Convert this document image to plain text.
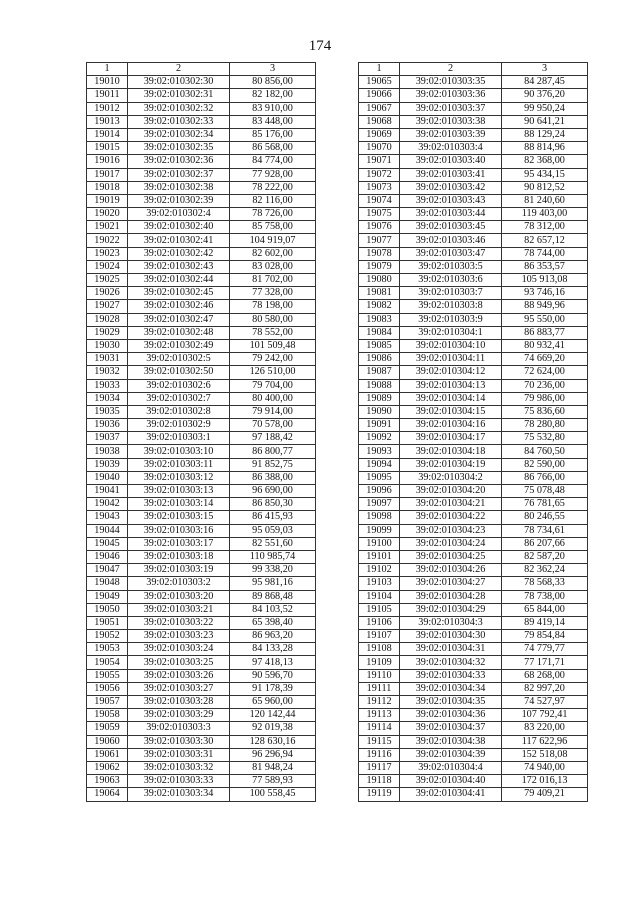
174
1	2	3
19010	39:02:010302:30	80 856,00
19011	39:02:010302:31	82 182,00
19012	39:02:010302:32	83 910,00
19013	39:02:010302:33	83 448,00
19014	39:02:010302:34	85 176,00
19015	39:02:010302:35	86 568,00
19016	39:02:010302:36	84 774,00
19017	39:02:010302:37	77 928,00
19018	39:02:010302:38	78 222,00
19019	39:02:010302:39	82 116,00
19020	39:02:010302:4	78 726,00
19021	39:02:010302:40	85 758,00
19022	39:02:010302:41	104 919,07
19023	39:02:010302:42	82 602,00
19024	39:02:010302:43	83 028,00
19025	39:02:010302:44	81 702,00
19026	39:02:010302:45	77 328,00
19027	39:02:010302:46	78 198,00
19028	39:02:010302:47	80 580,00
19029	39:02:010302:48	78 552,00
19030	39:02:010302:49	101 509,48
19031	39:02:010302:5	79 242,00
19032	39:02:010302:50	126 510,00
19033	39:02:010302:6	79 704,00
19034	39:02:010302:7	80 400,00
19035	39:02:010302:8	79 914,00
19036	39:02:010302:9	70 578,00
19037	39:02:010303:1	97 188,42
19038	39:02:010303:10	86 800,77
19039	39:02:010303:11	91 852,75
19040	39:02:010303:12	86 388,00
19041	39:02:010303:13	96 690,00
19042	39:02:010303:14	86 850,30
19043	39:02:010303:15	86 415,93
19044	39:02:010303:16	95 059,03
19045	39:02:010303:17	82 551,60
19046	39:02:010303:18	110 985,74
19047	39:02:010303:19	99 338,20
19048	39:02:010303:2	95 981,16
19049	39:02:010303:20	89 868,48
19050	39:02:010303:21	84 103,52
19051	39:02:010303:22	65 398,40
19052	39:02:010303:23	86 963,20
19053	39:02:010303:24	84 133,28
19054	39:02:010303:25	97 418,13
19055	39:02:010303:26	90 596,70
19056	39:02:010303:27	91 178,39
19057	39:02:010303:28	65 960,00
19058	39:02:010303:29	120 142,44
19059	39:02:010303:3	92 019,38
19060	39:02:010303:30	128 630,16
19061	39:02:010303:31	96 296,94
19062	39:02:010303:32	81 948,24
19063	39:02:010303:33	77 589,93
19064	39:02:010303:34	100 558,45
1	2	3
19065	39:02:010303:35	84 287,45
19066	39:02:010303:36	90 376,20
19067	39:02:010303:37	99 950,24
19068	39:02:010303:38	90 641,21
19069	39:02:010303:39	88 129,24
19070	39:02:010303:4	88 814,96
19071	39:02:010303:40	82 368,00
19072	39:02:010303:41	95 434,15
19073	39:02:010303:42	90 812,52
19074	39:02:010303:43	81 240,60
19075	39:02:010303:44	119 403,00
19076	39:02:010303:45	78 312,00
19077	39:02:010303:46	82 657,12
19078	39:02:010303:47	78 744,00
19079	39:02:010303:5	86 353,57
19080	39:02:010303:6	105 913,08
19081	39:02:010303:7	93 746,16
19082	39:02:010303:8	88 949,96
19083	39:02:010303:9	95 550,00
19084	39:02:010304:1	86 883,77
19085	39:02:010304:10	80 932,41
19086	39:02:010304:11	74 669,20
19087	39:02:010304:12	72 624,00
19088	39:02:010304:13	70 236,00
19089	39:02:010304:14	79 986,00
19090	39:02:010304:15	75 836,60
19091	39:02:010304:16	78 280,80
19092	39:02:010304:17	75 532,80
19093	39:02:010304:18	84 760,50
19094	39:02:010304:19	82 590,00
19095	39:02:010304:2	86 766,00
19096	39:02:010304:20	75 078,48
19097	39:02:010304:21	76 781,65
19098	39:02:010304:22	80 246,55
19099	39:02:010304:23	78 734,61
19100	39:02:010304:24	86 207,66
19101	39:02:010304:25	82 587,20
19102	39:02:010304:26	82 362,24
19103	39:02:010304:27	78 568,33
19104	39:02:010304:28	78 738,00
19105	39:02:010304:29	65 844,00
19106	39:02:010304:3	89 419,14
19107	39:02:010304:30	79 854,84
19108	39:02:010304:31	74 779,77
19109	39:02:010304:32	77 171,71
19110	39:02:010304:33	68 268,00
19111	39:02:010304:34	82 997,20
19112	39:02:010304:35	74 527,97
19113	39:02:010304:36	107 792,41
19114	39:02:010304:37	83 220,00
19115	39:02:010304:38	117 622,96
19116	39:02:010304:39	152 518,08
19117	39:02:010304:4	74 940,00
19118	39:02:010304:40	172 016,13
19119	39:02:010304:41	79 409,21
